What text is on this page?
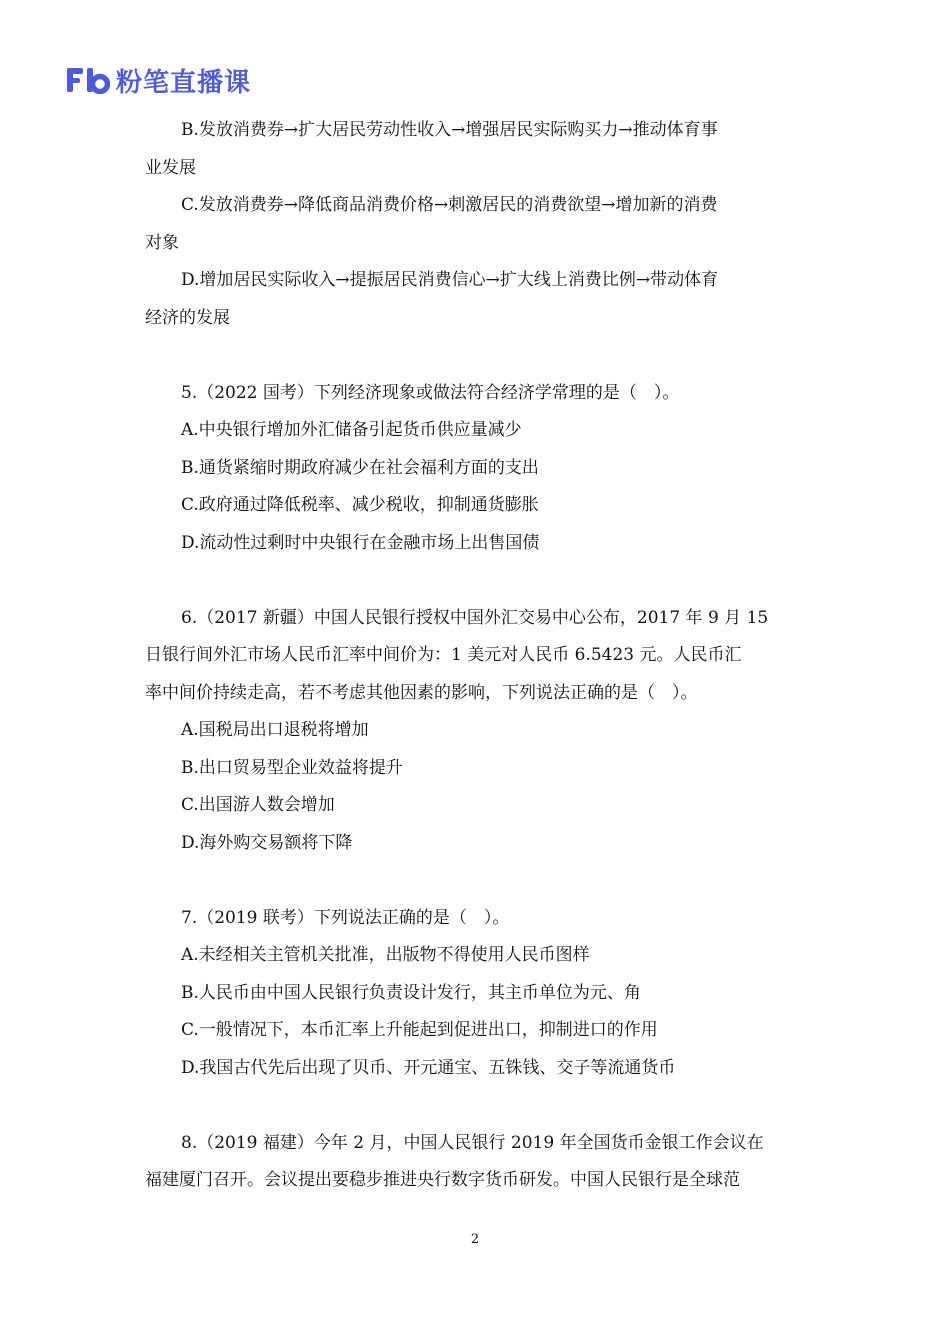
粉笔直播课
B.发放消费券→扩大居民劳动性收入→增强居民实际购买力→推动体育事
业发展
C.发放消费券→降低商品消费价格→刺激居民的消费欲望→增加新的消费
对象
D.增加居民实际收入→提振居民消费信心→扩大线上消费比例→带动体育
经济的发展
5.（2022 国考）下列经济现象或做法符合经济学常理的是（　）。
A.中央银行增加外汇储备引起货币供应量减少
B.通货紧缩时期政府减少在社会福利方面的支出
C.政府通过降低税率、减少税收，抑制通货膨胀
D.流动性过剩时中央银行在金融市场上出售国债
6.（2017 新疆）中国人民银行授权中国外汇交易中心公布，2017 年 9 月 15
日银行间外汇市场人民币汇率中间价为：1 美元对人民币 6.5423 元。人民币汇
率中间价持续走高，若不考虑其他因素的影响，下列说法正确的是（　）。
A.国税局出口退税将增加
B.出口贸易型企业效益将提升
C.出国游人数会增加
D.海外购交易额将下降
7.（2019 联考）下列说法正确的是（　）。
A.未经相关主管机关批准，出版物不得使用人民币图样
B.人民币由中国人民银行负责设计发行，其主币单位为元、角
C.一般情况下，本币汇率上升能起到促进出口，抑制进口的作用
D.我国古代先后出现了贝币、开元通宝、五铢钱、交子等流通货币
8.（2019 福建）今年 2 月，中国人民银行 2019 年全国货币金银工作会议在
福建厦门召开。会议提出要稳步推进央行数字货币研发。中国人民银行是全球范
2
